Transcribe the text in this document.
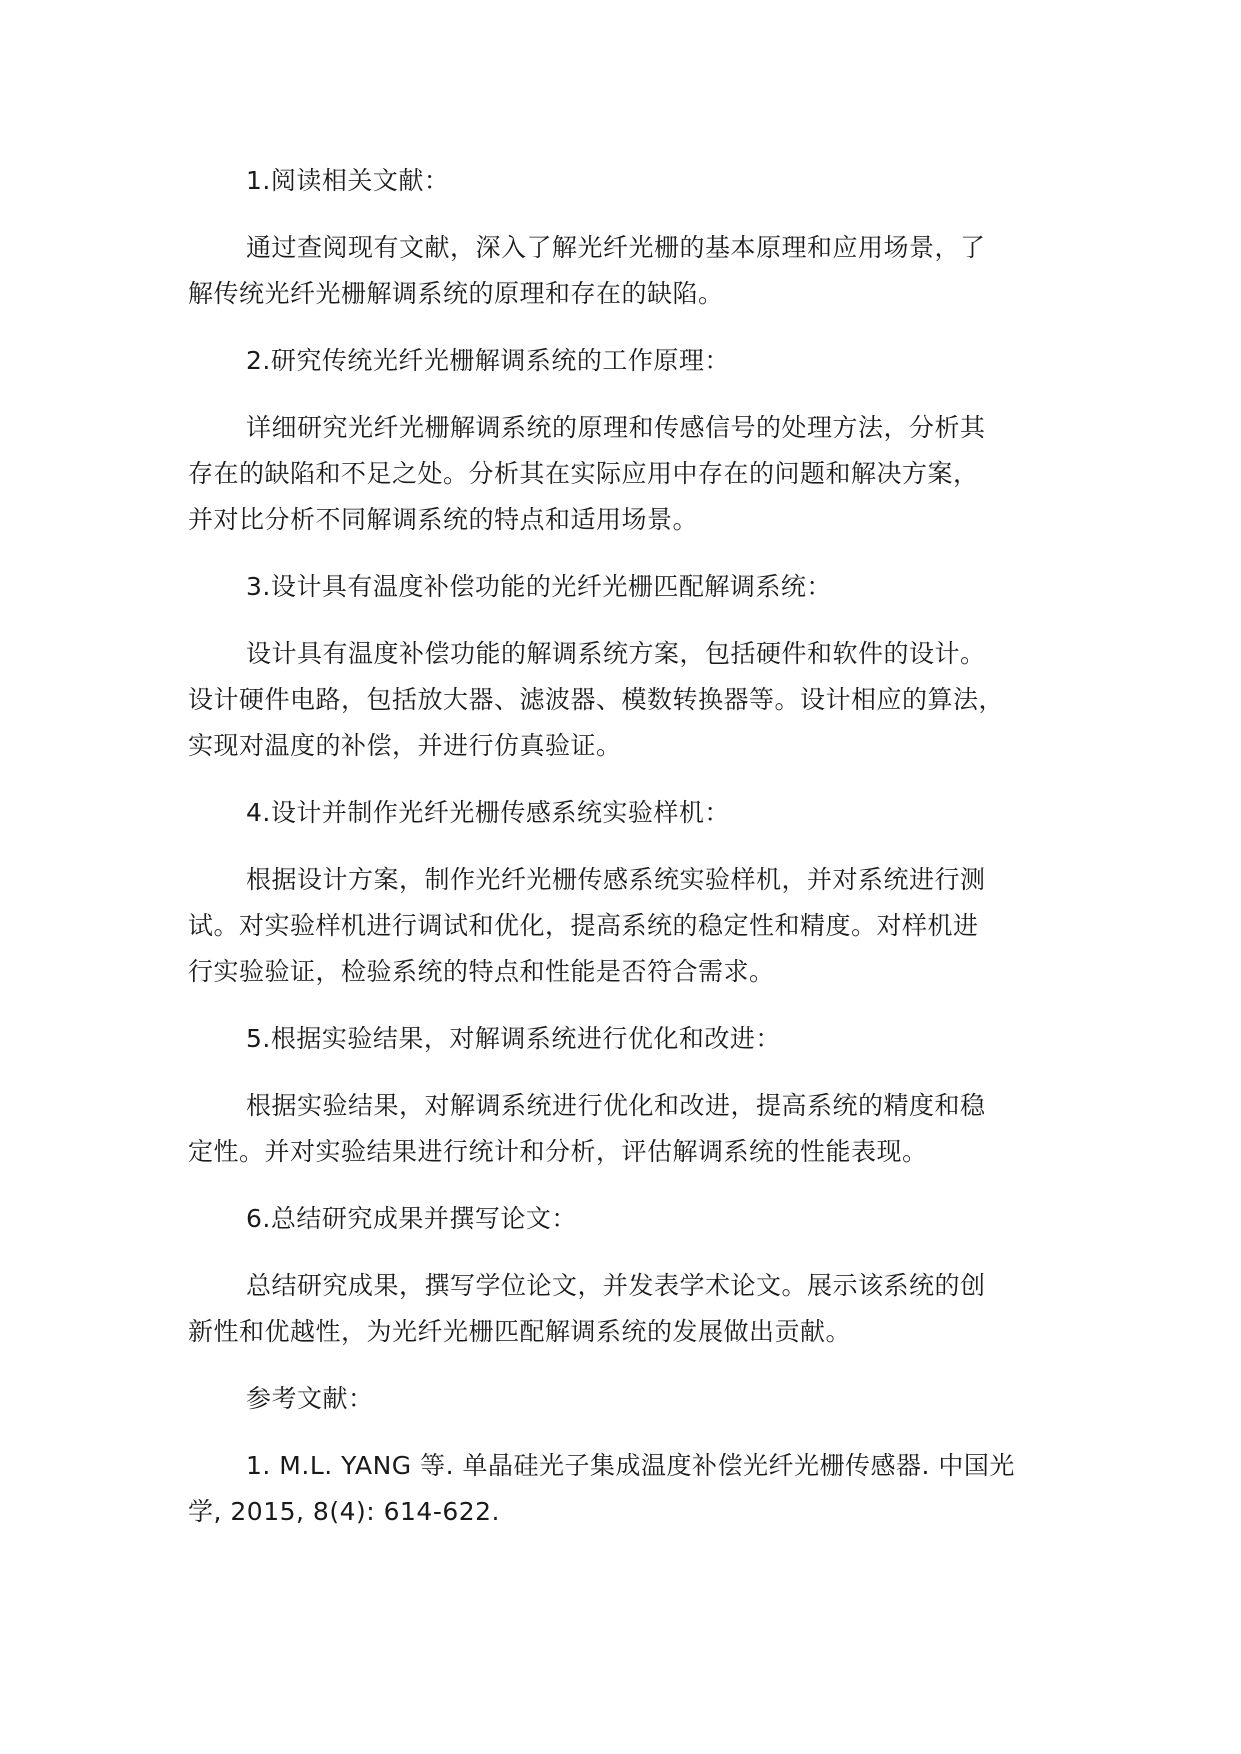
1.阅读相关文献：
通过查阅现有文献，深入了解光纤光栅的基本原理和应用场景，了
解传统光纤光栅解调系统的原理和存在的缺陷。
2.研究传统光纤光栅解调系统的工作原理：
详细研究光纤光栅解调系统的原理和传感信号的处理方法，分析其
存在的缺陷和不足之处。分析其在实际应用中存在的问题和解决方案，
并对比分析不同解调系统的特点和适用场景。
3.设计具有温度补偿功能的光纤光栅匹配解调系统：
设计具有温度补偿功能的解调系统方案，包括硬件和软件的设计。
设计硬件电路，包括放大器、滤波器、模数转换器等。设计相应的算法，
实现对温度的补偿，并进行仿真验证。
4.设计并制作光纤光栅传感系统实验样机：
根据设计方案，制作光纤光栅传感系统实验样机，并对系统进行测
试。对实验样机进行调试和优化，提高系统的稳定性和精度。对样机进
行实验验证，检验系统的特点和性能是否符合需求。
5.根据实验结果，对解调系统进行优化和改进：
根据实验结果，对解调系统进行优化和改进，提高系统的精度和稳
定性。并对实验结果进行统计和分析，评估解调系统的性能表现。
6.总结研究成果并撰写论文：
总结研究成果，撰写学位论文，并发表学术论文。展示该系统的创
新性和优越性，为光纤光栅匹配解调系统的发展做出贡献。
参考文献：
1. M.L. YANG 等. 单晶硅光子集成温度补偿光纤光栅传感器. 中国光
学, 2015, 8(4): 614-622.
